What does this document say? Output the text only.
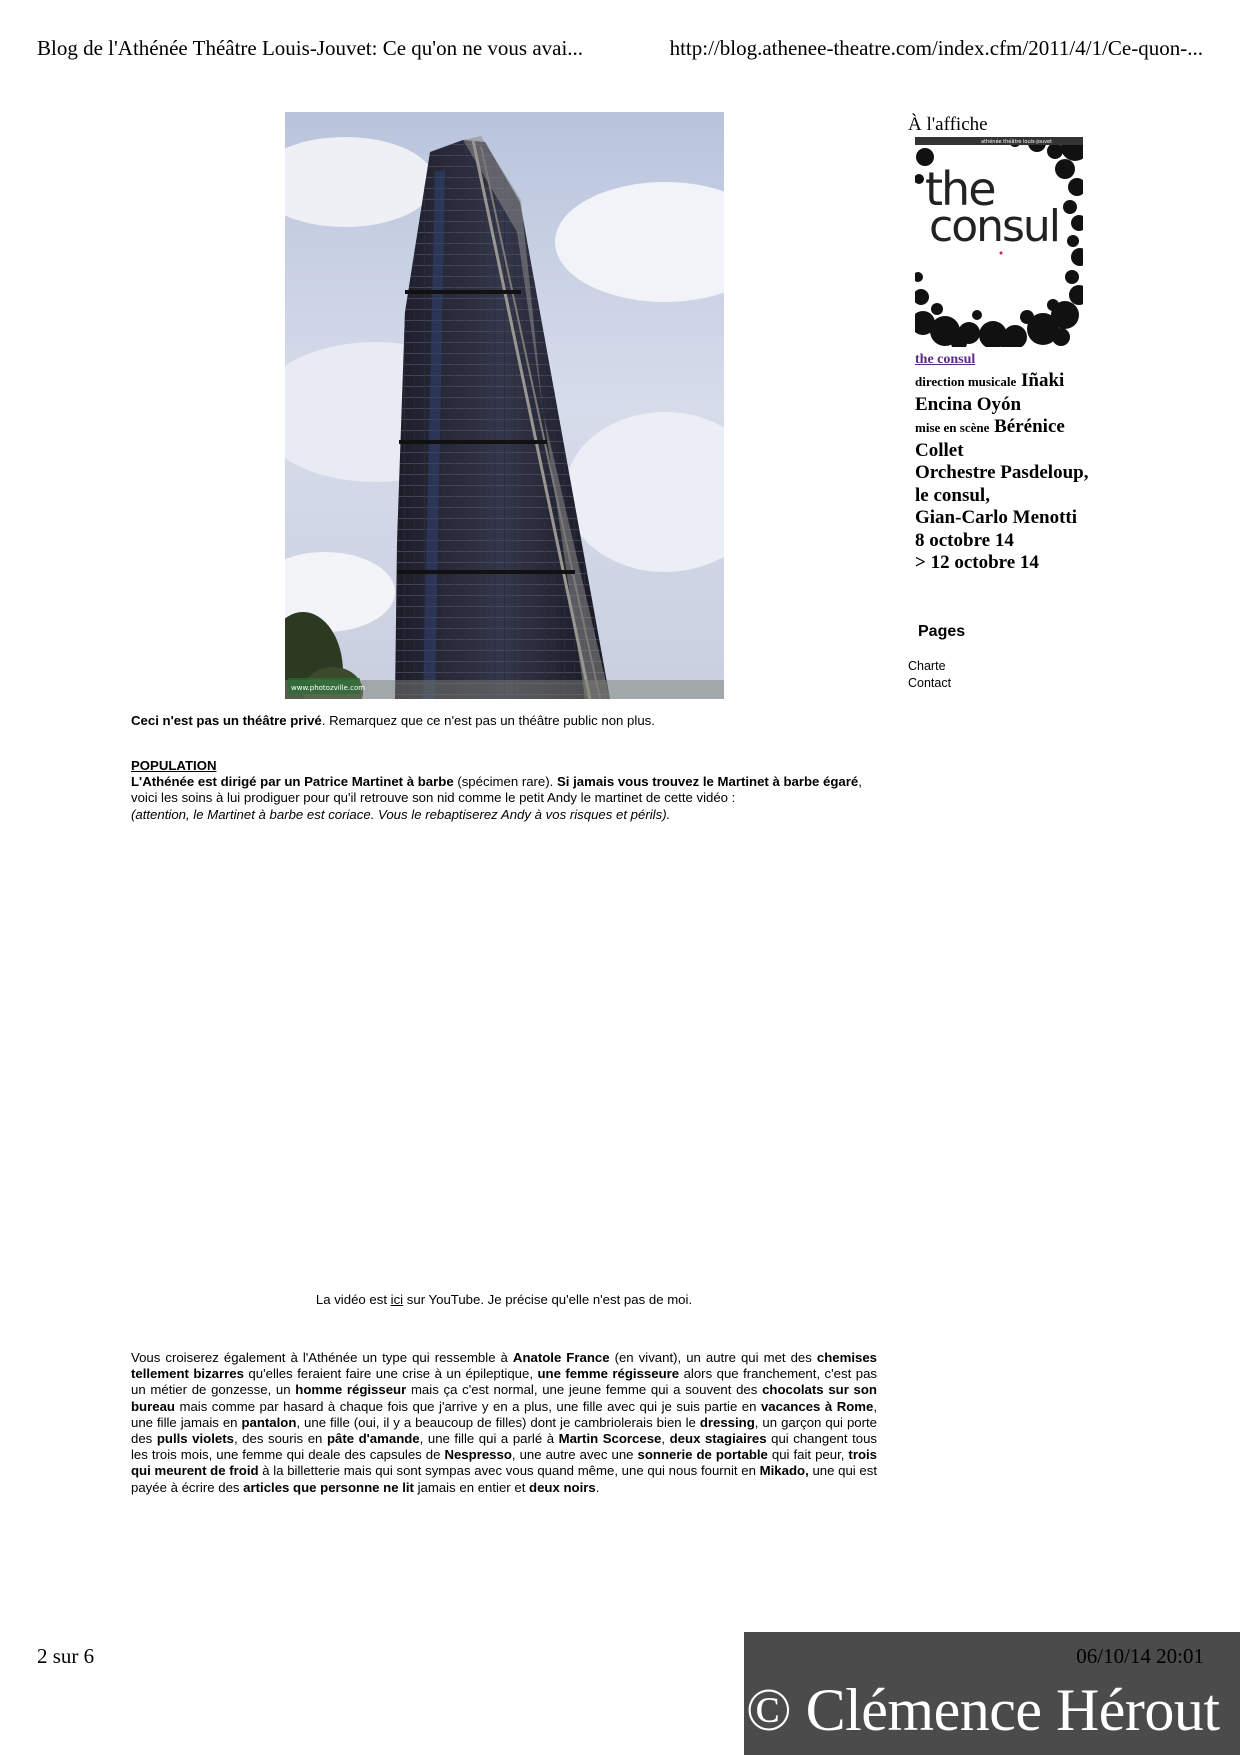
Blog de l'Athénée Théâtre Louis-Jouvet: Ce qu'on ne vous avai...	http://blog.athenee-theatre.com/index.cfm/2011/4/1/Ce-quon-...
www.photozville.com
Ceci n'est pas un théâtre privé. Remarquez que ce n'est pas un théâtre public non plus.
POPULATION
L'Athénée est dirigé par un Patrice Martinet à barbe (spécimen rare). Si jamais vous trouvez le Martinet à barbe égaré, voici les soins à lui prodiguer pour qu'il retrouve son nid comme le petit Andy le martinet de cette vidéo :
(attention, le Martinet à barbe est coriace. Vous le rebaptiserez Andy à vos risques et périls).
La vidéo est ici sur YouTube. Je précise qu'elle n'est pas de moi.
Vous croiserez également à l'Athénée un type qui ressemble à Anatole France (en vivant), un autre qui met des chemises tellement bizarres qu'elles feraient faire une crise à un épileptique, une femme régisseure alors que franchement, c'est pas un métier de gonzesse, un homme régisseur mais ça c'est normal, une jeune femme qui a souvent des chocolats sur son bureau mais comme par hasard à chaque fois que j'arrive y en a plus, une fille avec qui je suis partie en vacances à Rome, une fille jamais en pantalon, une fille (oui, il y a beaucoup de filles) dont je cambriolerais bien le dressing, un garçon qui porte des pulls violets, des souris en pâte d'amande, une fille qui a parlé à Martin Scorcese, deux stagiaires qui changent tous les trois mois, une femme qui deale des capsules de Nespresso, une autre avec une sonnerie de portable qui fait peur, trois qui meurent de froid à la billetterie mais qui sont sympas avec vous quand même, une qui nous fournit en Mikado, une qui est payée à écrire des articles que personne ne lit jamais en entier et deux noirs.
À l'affiche
athénée théâtre louis-jouvet
the
consul
the consul
direction musicale Iñaki Encina Oyón
mise en scène Bérénice Collet
Orchestre Pasdeloup,
le consul,
Gian-Carlo Menotti
8 octobre 14
> 12 octobre 14
Pages
Charte
Contact
2 sur 6	06/10/14 20:01
© Clémence Hérout
